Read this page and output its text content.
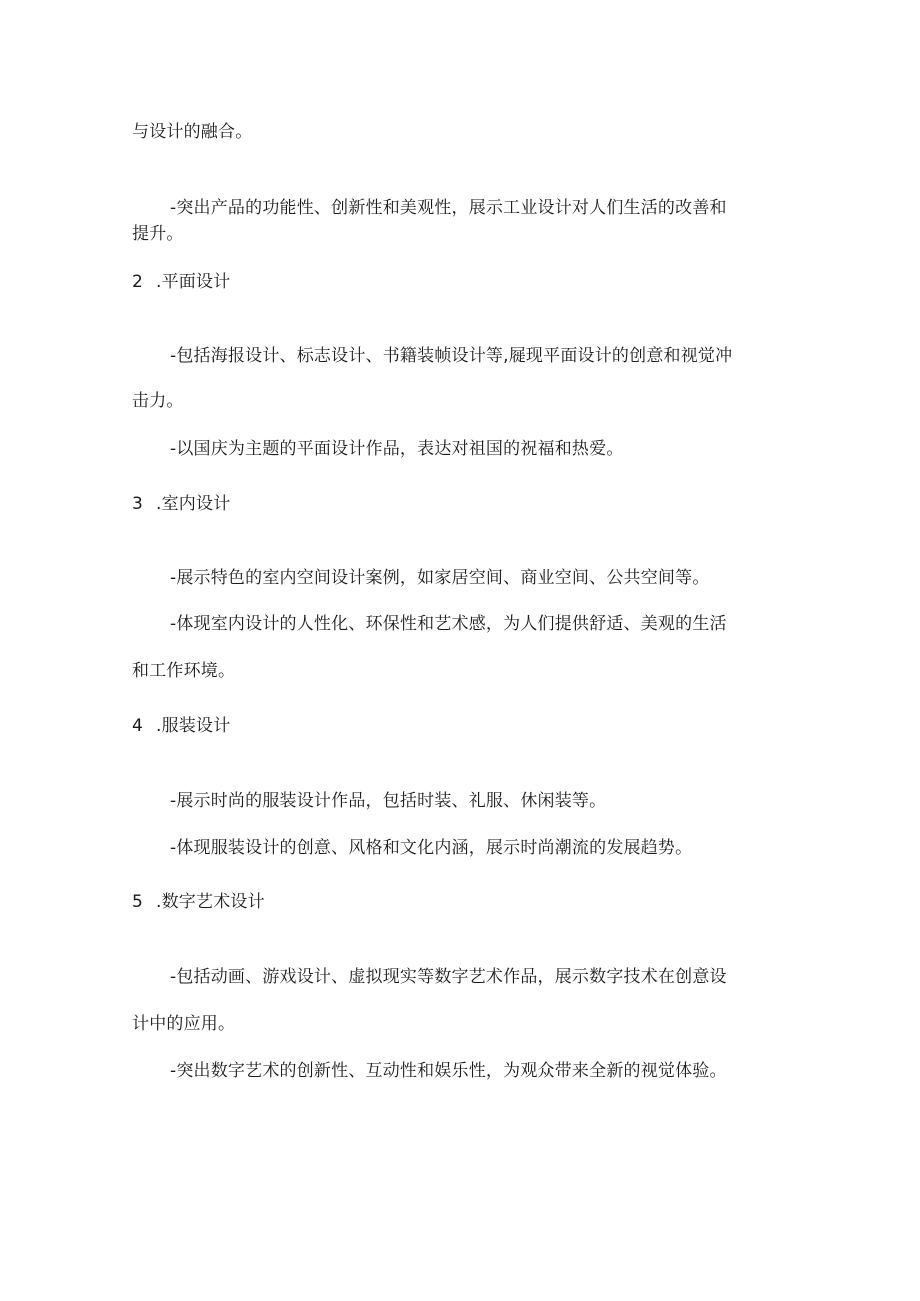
与设计的融合。
-突出产品的功能性、创新性和美观性，展示工业设计对人们生活的改善和
提升。
2 .平面设计
-包括海报设计、标志设计、书籍装帧设计等,屣现平面设计的创意和视觉冲
击力。
-以国庆为主题的平面设计作品，表达对祖国的祝福和热爱。
3 .室内设计
-展示特色的室内空间设计案例，如家居空间、商业空间、公共空间等。
-体现室内设计的人性化、环保性和艺术感，为人们提供舒适、美观的生活
和工作环境。
4 .服装设计
-展示时尚的服装设计作品，包括时装、礼服、休闲装等。
-体现服装设计的创意、风格和文化内涵，展示时尚潮流的发展趋势。
5 .数字艺术设计
-包括动画、游戏设计、虚拟现实等数字艺术作品，展示数字技术在创意设
计中的应用。
-突出数字艺术的创新性、互动性和娱乐性，为观众带来全新的视觉体验。
